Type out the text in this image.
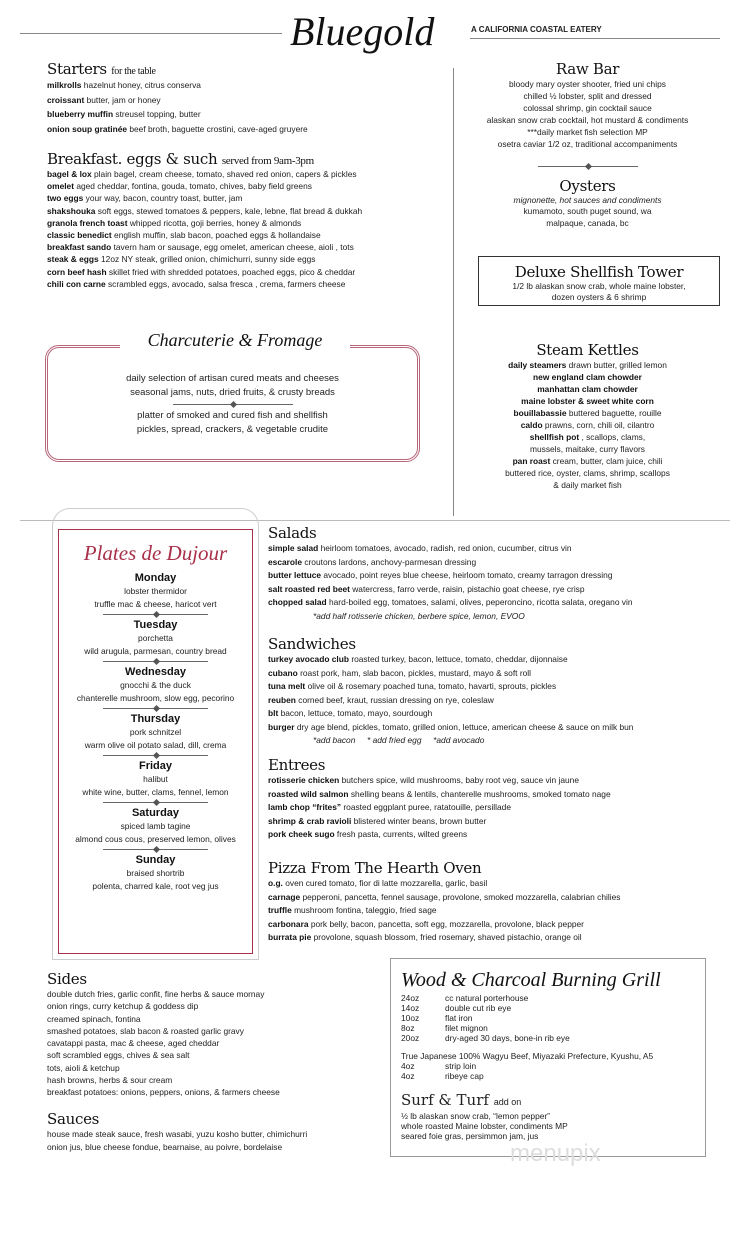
Bluegold	A CALIFORNIA COASTAL EATERY
Starters for the table
milkrolls hazelnut honey, citrus conserva
croissant butter, jam or honey
blueberry muffin streusel topping, butter
onion soup gratinée beef broth, baguette crostini, cave-aged gruyere
Breakfast. eggs & such served from 9am-3pm
bagel & lox plain bagel, cream cheese, tomato, shaved red onion, capers & pickles
omelet aged cheddar, fontina, gouda, tomato, chives, baby field greens
two eggs your way, bacon, country toast, butter, jam
shakshouka soft eggs, stewed tomatoes & peppers, kale, lebne, flat bread & dukkah
granola french toast whipped ricotta, goji berries, honey & almonds
classic benedict english muffin, slab bacon, poached eggs & hollandaise
breakfast sando tavern ham or sausage, egg omelet, american cheese, aioli , tots
steak & eggs 12oz NY steak, grilled onion, chimichurri, sunny side eggs
corn beef hash skillet fried with shredded potatoes, poached eggs, pico & cheddar
chili con carne scrambled eggs, avocado, salsa fresca , crema, farmers cheese
daily selection of artisan cured meats and cheeses
seasonal jams, nuts, dried fruits, & crusty breads
platter of smoked and cured fish and shellfish
pickles, spread, crackers, & vegetable crudite
Charcuterie & Fromage
Raw Bar
bloody mary oyster shooter, fried uni chips
chilled ½ lobster, split and dressed
colossal shrimp, gin cocktail sauce
alaskan snow crab cocktail, hot mustard & condiments
***daily market fish selection MP
osetra caviar 1/2 oz, traditional accompaniments
Oysters
mignonette, hot sauces and condiments
kumamoto, south puget sound, wa
malpaque, canada, bc
Deluxe Shellfish Tower
1/2 lb alaskan snow crab, whole maine lobster,
dozen oysters & 6 shrimp
Steam Kettles
daily steamers drawn butter, grilled lemon
new england clam chowder
manhattan clam chowder
maine lobster & sweet white corn
bouillabassie buttered baguette, rouille
caldo prawns, corn, chili oil, cilantro
shellfish pot , scallops, clams,
mussels, maitake, curry flavors
pan roast cream, butter, clam juice, chili
buttered rice, oyster, clams, shrimp, scallops
& daily market fish
Plates de Dujour
Monday
lobster thermidor
truffle mac & cheese, haricot vert
Tuesday
porchetta
wild arugula, parmesan, country bread
Wednesday
gnocchi & the duck
chanterelle mushroom, slow egg, pecorino
Thursday
pork schnitzel
warm olive oil potato salad, dill, crema
Friday
halibut
white wine, butter, clams, fennel, lemon
Saturday
spiced lamb tagine
almond cous cous, preserved lemon, olives
Sunday
braised shortrib
polenta, charred kale, root veg jus
Salads
simple salad heirloom tomatoes, avocado, radish, red onion, cucumber, citrus vin
escarole croutons lardons, anchovy-parmesan dressing
butter lettuce avocado, point reyes blue cheese, heirloom tomato, creamy tarragon dressing
salt roasted red beet watercress, farro verde, raisin, pistachio goat cheese, rye crisp
chopped salad hard-boiled egg, tomatoes, salami, olives, peperoncino, ricotta salata, oregano vin
*add half rotisserie chicken, berbere spice, lemon, EVOO
Sandwiches
turkey avocado club roasted turkey, bacon, lettuce, tomato, cheddar, dijonnaise
cubano roast pork, ham, slab bacon, pickles, mustard, mayo & soft roll
tuna melt olive oil & rosemary poached tuna, tomato, havarti, sprouts, pickles
reuben corned beef, kraut, russian dressing on rye, coleslaw
blt bacon, lettuce, tomato, mayo, sourdough
burger dry age blend, pickles, tomato, grilled onion, lettuce, american cheese & sauce on milk bun
*add bacon     * add fried egg     *add avocado
Entrees
rotisserie chicken butchers spice, wild mushrooms, baby root veg, sauce vin jaune
roasted wild salmon shelling beans & lentils, chanterelle mushrooms, smoked tomato nage
lamb chop “frites” roasted eggplant puree, ratatouille, persillade
shrimp & crab ravioli blistered winter beans, brown butter
pork cheek sugo fresh pasta, currents, wilted greens
Pizza From The Hearth Oven
o.g. oven cured tomato, fior di latte mozzarella, garlic, basil
carnage pepperoni, pancetta, fennel sausage, provolone, smoked mozzarella, calabrian chilies
truffle mushroom fontina, taleggio, fried sage
carbonara pork belly, bacon, pancetta, soft egg, mozzarella, provolone, black pepper
burrata pie provolone, squash blossom, fried rosemary, shaved pistachio, orange oil
Sides
double dutch fries, garlic confit, fine herbs & sauce mornay
onion rings, curry ketchup & goddess dip
creamed spinach, fontina
smashed potatoes, slab bacon & roasted garlic gravy
cavatappi pasta, mac & cheese, aged cheddar
soft scrambled eggs, chives & sea salt
tots, aioli & ketchup
hash browns, herbs & sour cream
breakfast potatoes: onions, peppers, onions, & farmers cheese
Sauces
house made steak sauce, fresh wasabi, yuzu kosho butter, chimichurri
onion jus, blue cheese fondue, bearnaise, au poivre, bordelaise
Wood & Charcoal Burning Grill
24oz	cc natural porterhouse
14oz	double cut rib eye
10oz	flat iron
8oz	filet mignon
20oz	dry-aged 30 days, bone-in rib eye
True Japanese 100% Wagyu Beef, Miyazaki Prefecture, Kyushu, A5
4oz	strip loin
4oz	ribeye cap
Surf & Turf add on
½ lb alaskan snow crab, “lemon pepper”
whole roasted Maine lobster, condiments MP
seared foie gras, persimmon jam, jus
menupix
